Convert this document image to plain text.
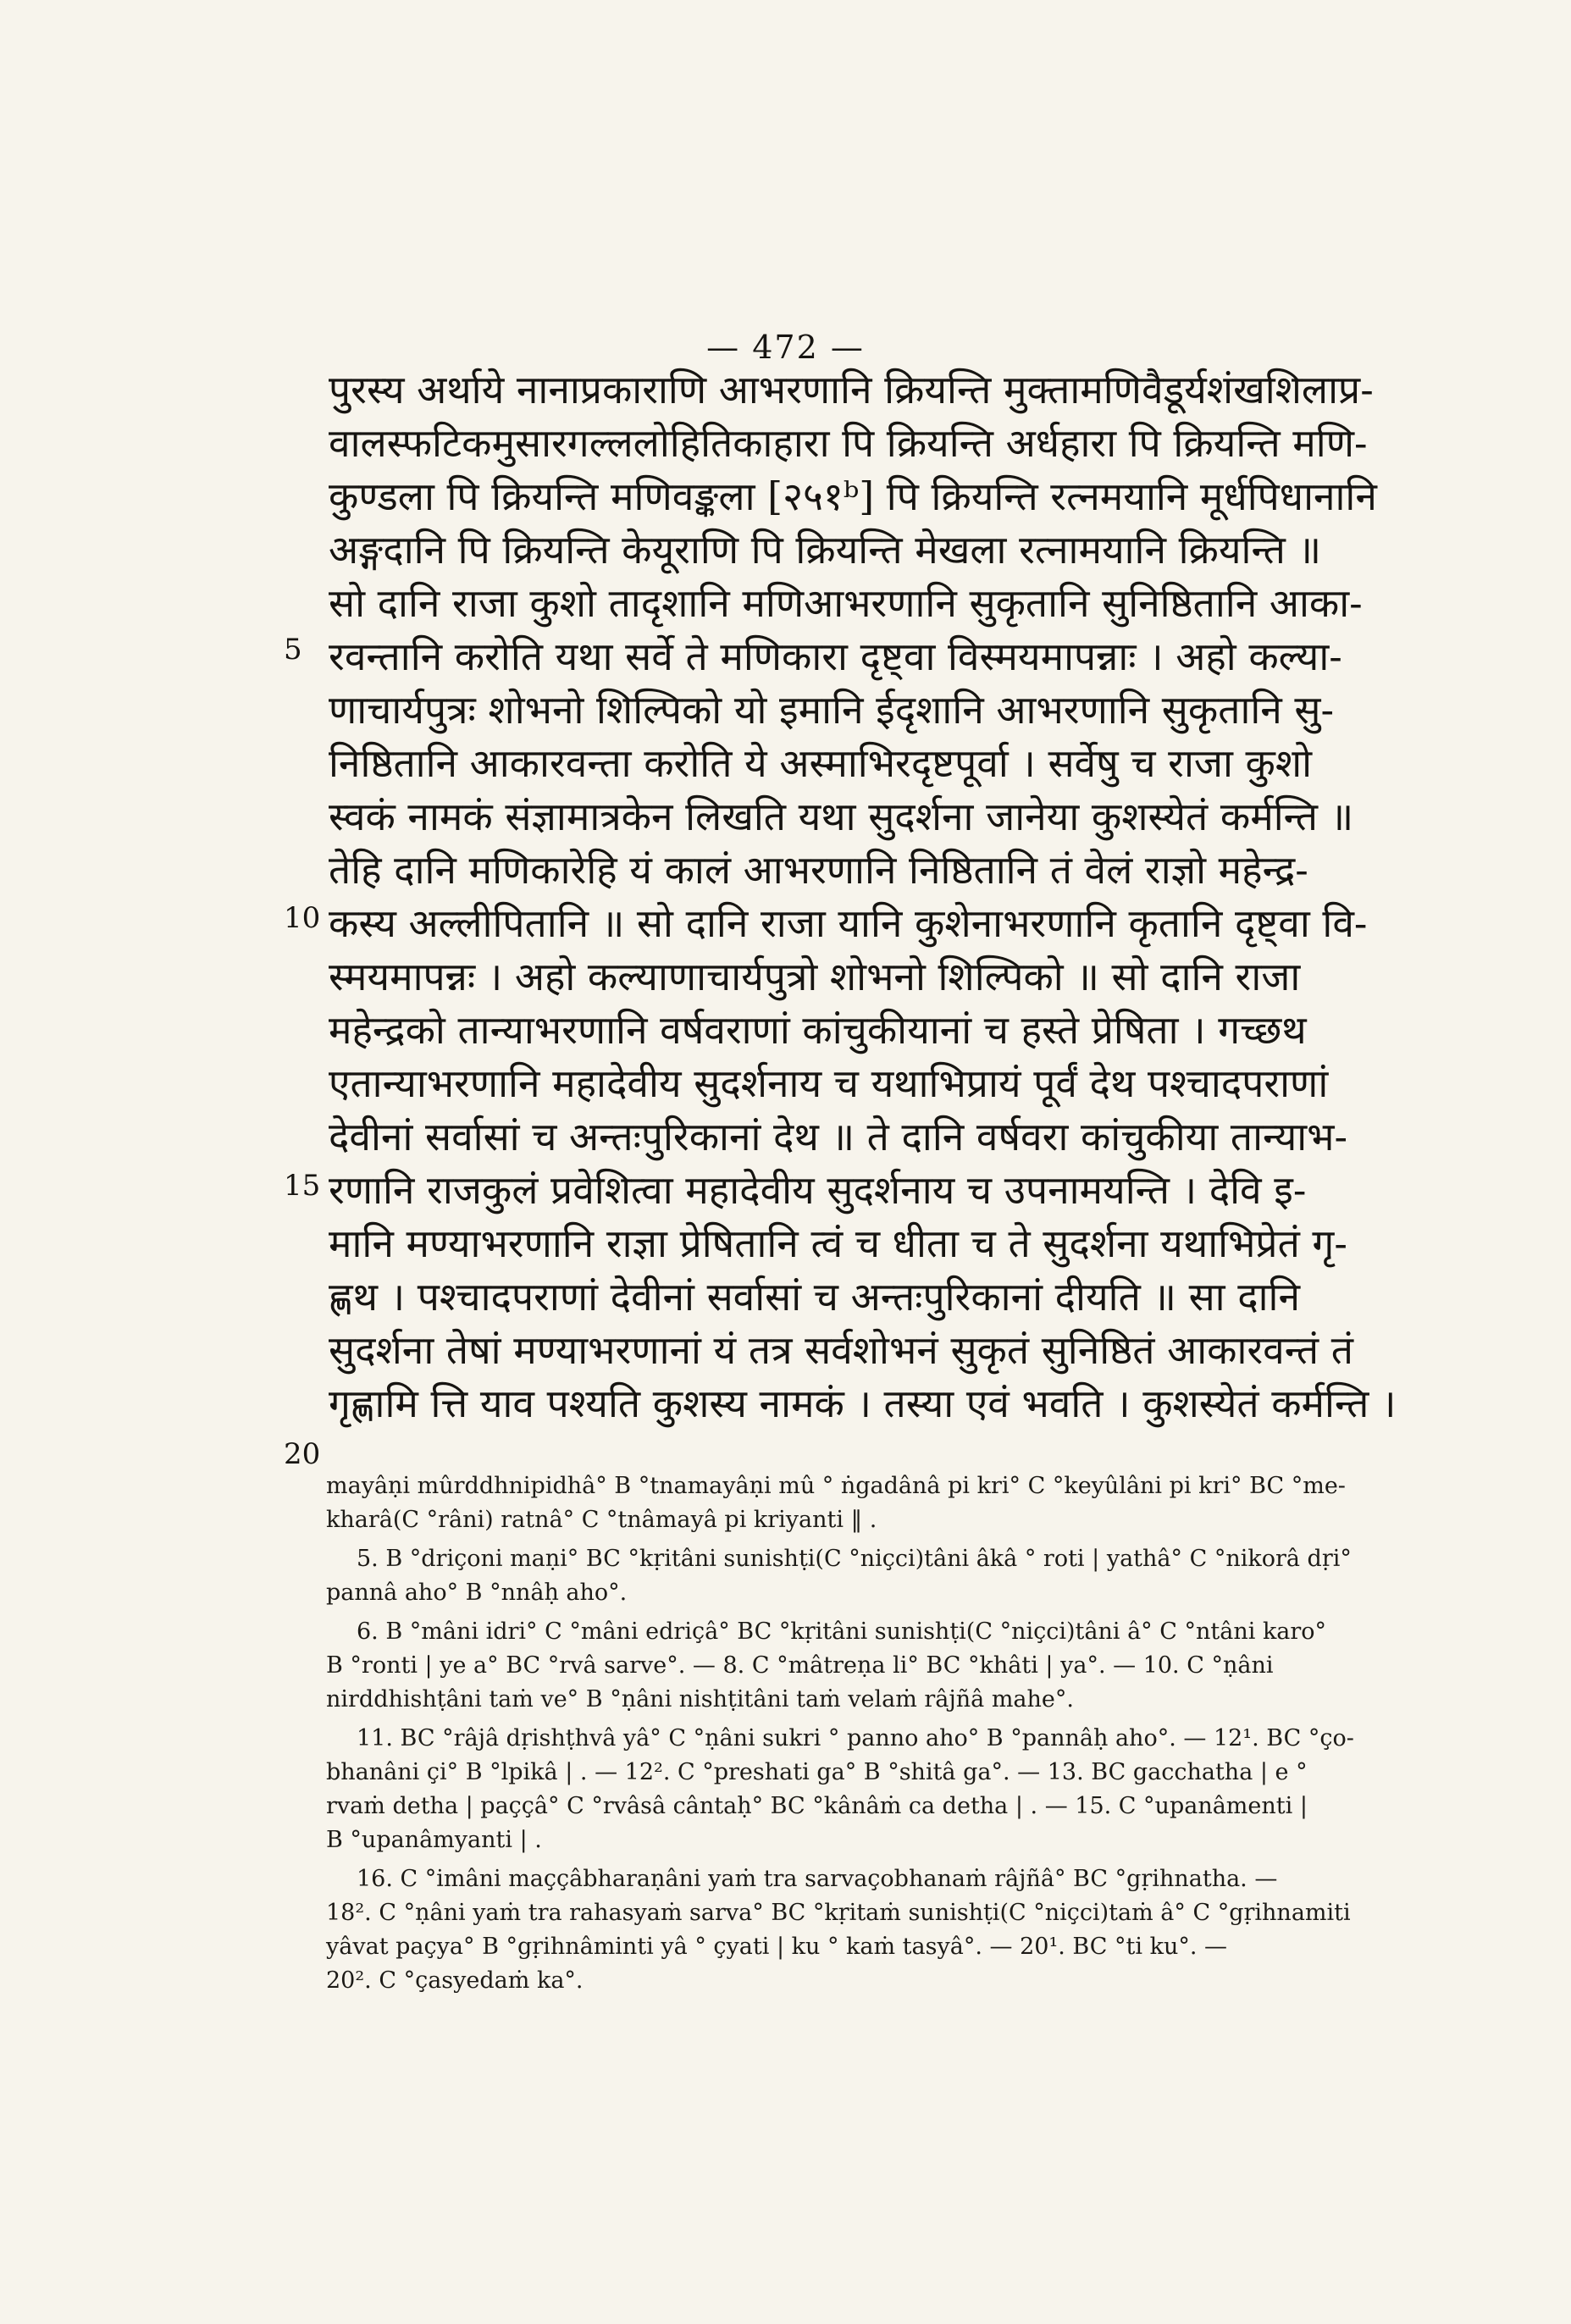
— 472 —
5
10
15
20
पुरस्य अर्थाये नानाप्रकाराणि आभरणानि क्रियन्ति मुक्तामणिवैडूर्यशंखशिलाप्र-
वालस्फटिकमुसारगल्ललोहितिकाहारा पि क्रियन्ति अर्धहारा पि क्रियन्ति मणि-
कुण्डला पि क्रियन्ति मणिवङ्कला [२५१ᵇ] पि क्रियन्ति रत्नमयानि मूर्धपिधानानि
अङ्गदानि पि क्रियन्ति केयूराणि पि क्रियन्ति मेखला रत्नामयानि क्रियन्ति ॥
सो दानि राजा कुशो तादृशानि मणिआभरणानि सुकृतानि सुनिष्ठितानि आका-
रवन्तानि करोति यथा सर्वे ते मणिकारा दृष्ट्वा विस्मयमापन्नाः । अहो कल्या-
णाचार्यपुत्रः शोभनो शिल्पिको यो इमानि ईदृशानि आभरणानि सुकृतानि सु-
निष्ठितानि आकारवन्ता करोति ये अस्माभिरदृष्टपूर्वा । सर्वेषु च राजा कुशो
स्वकं नामकं संज्ञामात्रकेन लिखति यथा सुदर्शना जानेया कुशस्येतं कर्मन्ति ॥
तेहि दानि मणिकारेहि यं कालं आभरणानि निष्ठितानि तं वेलं राज्ञो महेन्द्र-
कस्य अल्लीपितानि ॥ सो दानि राजा यानि कुशेनाभरणानि कृतानि दृष्ट्वा वि-
स्मयमापन्नः । अहो कल्याणाचार्यपुत्रो शोभनो शिल्पिको ॥ सो दानि राजा
महेन्द्रको तान्याभरणानि वर्षवराणां कांचुकीयानां च हस्ते प्रेषिता । गच्छथ
एतान्याभरणानि महादेवीय सुदर्शनाय च यथाभिप्रायं पूर्वं देथ पश्चादपराणां
देवीनां सर्वासां च अन्तःपुरिकानां देथ ॥ ते दानि वर्षवरा कांचुकीया तान्याभ-
रणानि राजकुलं प्रवेशित्वा महादेवीय सुदर्शनाय च उपनामयन्ति । देवि इ-
मानि मण्याभरणानि राज्ञा प्रेषितानि त्वं च धीता च ते सुदर्शना यथाभिप्रेतं गृ-
ह्णथ । पश्चादपराणां देवीनां सर्वासां च अन्तःपुरिकानां दीयति ॥ सा दानि
सुदर्शना तेषां मण्याभरणानां यं तत्र सर्वशोभनं सुकृतं सुनिष्ठितं आकारवन्तं तं
गृह्णामि त्ति याव पश्यति कुशस्य नामकं । तस्या एवं भवति । कुशस्येतं कर्मन्ति ।

mayâṇi mûrddhnipidhâ° B °tnamayâṇi mû ° ṅgadânâ pi kri° C °keyûlâni pi kri° BC °me-

kharâ(C °râni) ratnâ° C °tnâmayâ pi kriyanti ‖ .

5. B °driçoni maṇi° BC °kṛitâni sunishṭi(C °niçci)tâni âkâ ° roti | yathâ° C °nikorâ dṛi°

pannâ aho° B °nnâḥ aho°.

6. B °mâni idri° C °mâni edriçâ° BC °kṛitâni sunishṭi(C °niçci)tâni â° C °ntâni karo°

B °ronti | ye a° BC °rvâ sarve°. — 8. C °mâtreṇa li° BC °khâti | ya°. — 10. C °ṇâni

nirddhishṭâni taṁ ve° B °ṇâni nishṭitâni taṁ velaṁ râjñâ mahe°.

11. BC °râjâ dṛishṭhvâ yâ° C °ṇâni sukri ° panno aho° B °pannâḥ aho°. — 12¹. BC °ço-

bhanâni çi° B °lpikâ | . — 12². C °preshati ga° B °shitâ ga°. — 13. BC gacchatha | e °

rvaṁ detha | paççâ° C °rvâsâ cântaḥ° BC °kânâṁ ca detha | . — 15. C °upanâmenti |

B °upanâmyanti | .

16. C °imâni maççâbharaṇâni yaṁ tra sarvaçobhanaṁ râjñâ° BC °gṛihnatha. —

18². C °ṇâni yaṁ tra rahasyaṁ sarva° BC °kṛitaṁ sunishṭi(C °niçci)taṁ â° C °gṛihnamiti

yâvat paçya° B °gṛihnâminti yâ ° çyati | ku ° kaṁ tasyâ°. — 20¹. BC °ti ku°. —

20². C °çasyedaṁ ka°.
